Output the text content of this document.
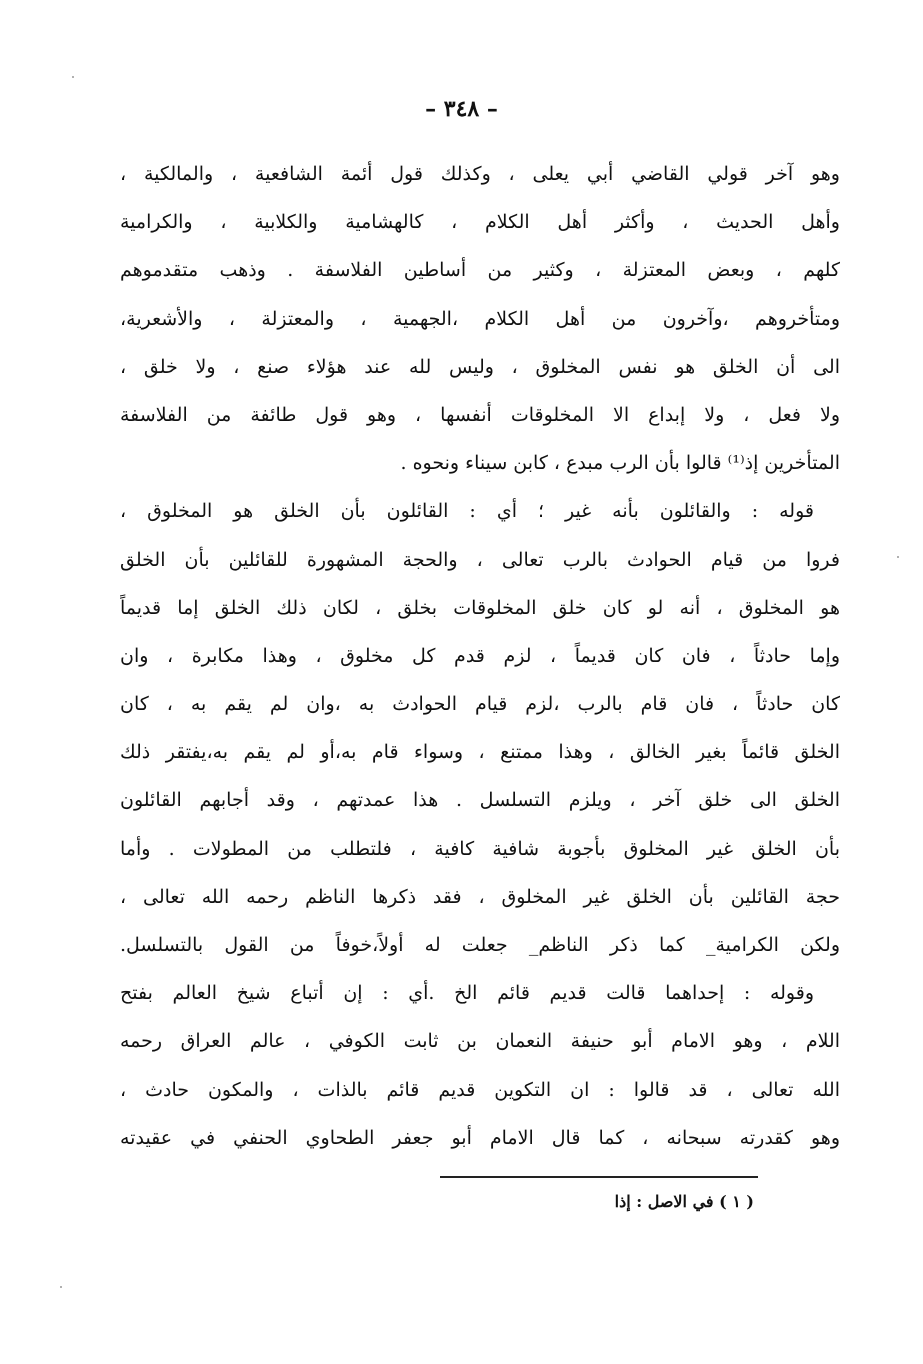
– ٣٤٨ –
وهو آخر قولي القاضي أبي يعلى ، وكذلك قول أئمة الشافعية ، والمالكية ،
وأهل الحديث ، وأكثر أهل الكلام ، كالهشامية والكلابية ، والكرامية
كلهم ، وبعض المعتزلة ، وكثير من أساطين الفلاسفة . وذهب متقدموهم
ومتأخروهم ،وآخرون من أهل الكلام ،الجهمية ، والمعتزلة ، والأشعرية،
الى أن الخلق هو نفس المخلوق ، وليس لله عند هؤلاء صنع ، ولا خلق ،
ولا فعل ، ولا إبداع الا المخلوقات أنفسها ، وهو قول طائفة من الفلاسفة
المتأخرين إذ⁽¹⁾ قالوا بأن الرب مبدع ، كابن سيناء ونحوه .
قوله : والقائلون بأنه غير ؛ أي : القائلون بأن الخلق هو المخلوق ،
فروا من قيام الحوادث بالرب تعالى ، والحجة المشهورة للقائلين بأن الخلق
هو المخلوق ، أنه لو كان خلق المخلوقات بخلق ، لكان ذلك الخلق إما قديماً
وإما حادثاً ، فان كان قديماً ، لزم قدم كل مخلوق ، وهذا مكابرة ، وان
كان حادثاً ، فان قام بالرب ،لزم قيام الحوادث به ،وان لم يقم به ، كان
الخلق قائماً بغير الخالق ، وهذا ممتنع ، وسواء قام به،أو لم يقم به،يفتقر ذلك
الخلق الى خلق آخر ، ويلزم التسلسل . هذا عمدتهم ، وقد أجابهم القائلون
بأن الخلق غير المخلوق بأجوبة شافية كافية ، فلتطلب من المطولات . وأما
حجة القائلين بأن الخلق غير المخلوق ، فقد ذكرها الناظم رحمه الله تعالى ،
ولكن الكرامية_ كما ذكر الناظم_ جعلت له أولاً،خوفاً من القول بالتسلسل.
وقوله : إحداهما قالت قديم قائم الخ .أي : إن أتباع شيخ العالم بفتح
اللام ، وهو الامام أبو حنيفة النعمان بن ثابت الكوفي ، عالم العراق رحمه
الله تعالى ، قد قالوا : ان التكوين قديم قائم بالذات ، والمكون حادث ،
وهو كقدرته سبحانه ، كما قال الامام أبو جعفر الطحاوي الحنفي في عقيدته
( ١ ) في الاصل : إذا
